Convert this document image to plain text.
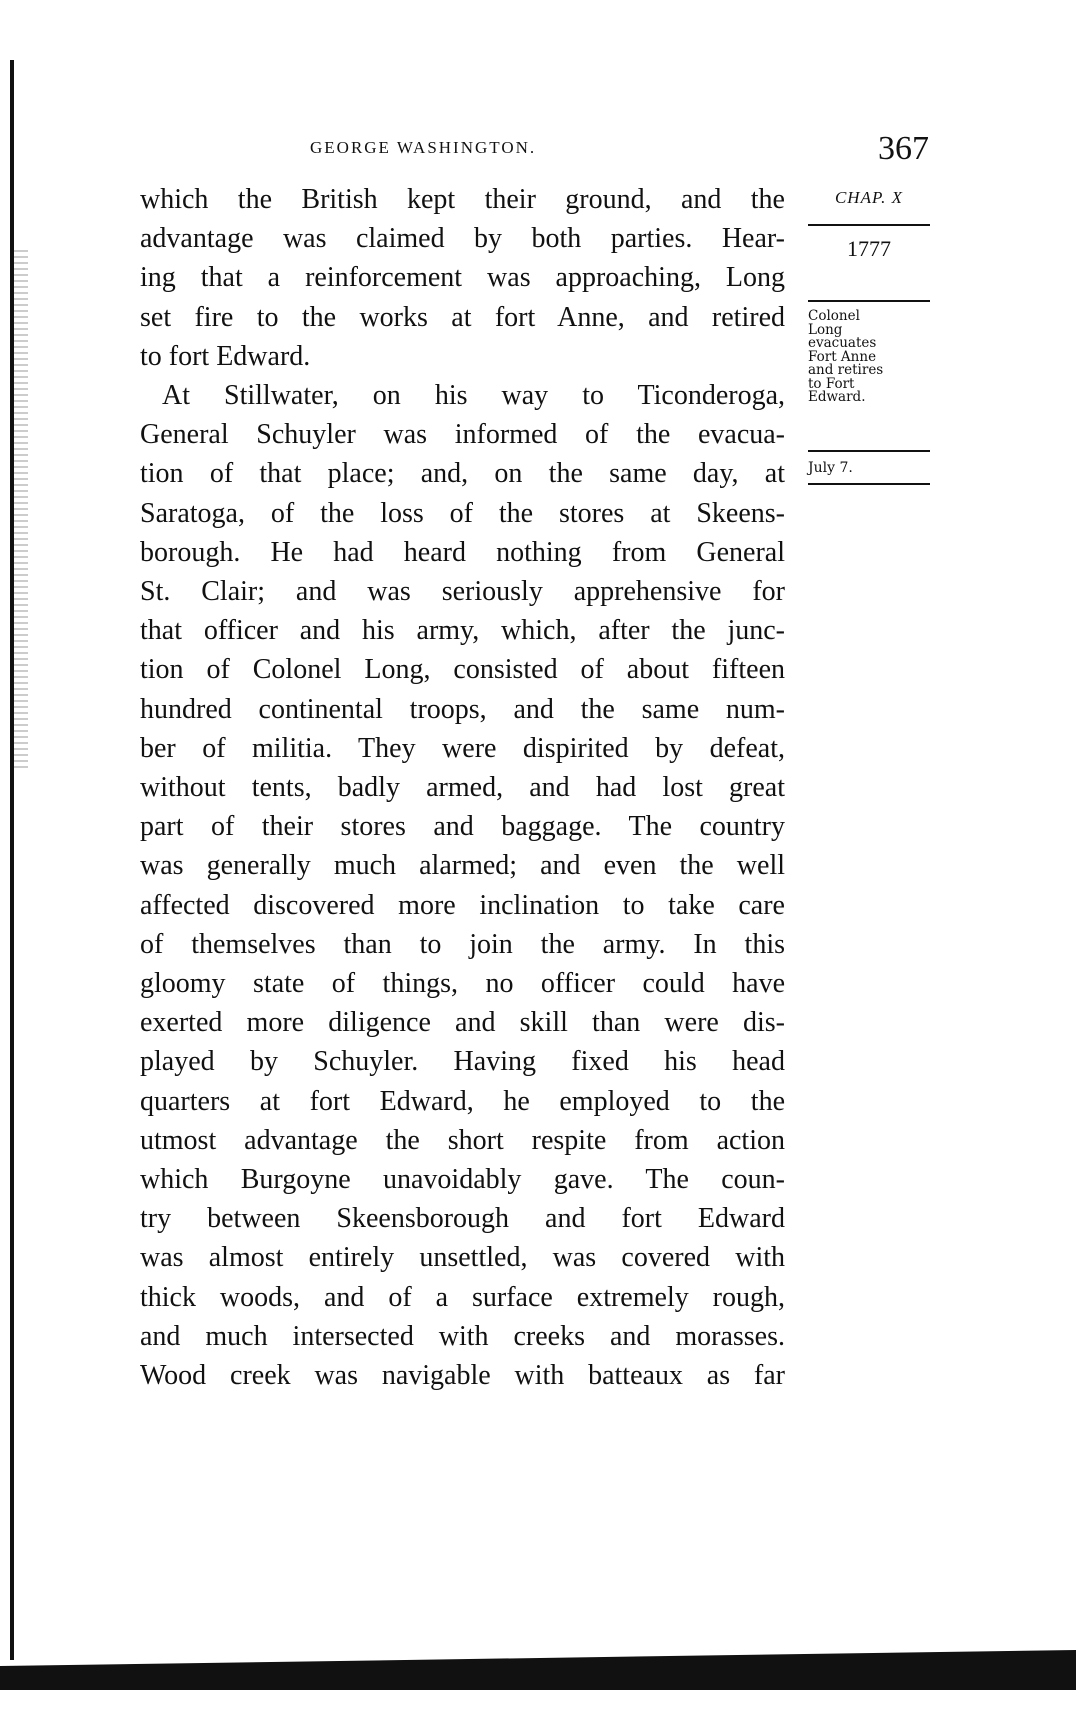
GEORGE WASHINGTON.	367
CHAP. X
1777
Colonel
Long
evacuates
Fort Anne
and retires
to Fort
Edward.
July 7.
which the British kept their ground, and the
advantage was claimed by both parties. Hear-
ing that a reinforcement was approaching, Long
set fire to the works at fort Anne, and retired
to fort Edward.
At Stillwater, on his way to Ticonderoga,
General Schuyler was informed of the evacua-
tion of that place; and, on the same day, at
Saratoga, of the loss of the stores at Skeens-
borough. He had heard nothing from General
St. Clair; and was seriously apprehensive for
that officer and his army, which, after the junc-
tion of Colonel Long, consisted of about fifteen
hundred continental troops, and the same num-
ber of militia. They were dispirited by defeat,
without tents, badly armed, and had lost great
part of their stores and baggage. The country
was generally much alarmed; and even the well
affected discovered more inclination to take care
of themselves than to join the army. In this
gloomy state of things, no officer could have
exerted more diligence and skill than were dis-
played by Schuyler. Having fixed his head
quarters at fort Edward, he employed to the
utmost advantage the short respite from action
which Burgoyne unavoidably gave. The coun-
try between Skeensborough and fort Edward
was almost entirely unsettled, was covered with
thick woods, and of a surface extremely rough,
and much intersected with creeks and morasses.
Wood creek was navigable with batteaux as far
